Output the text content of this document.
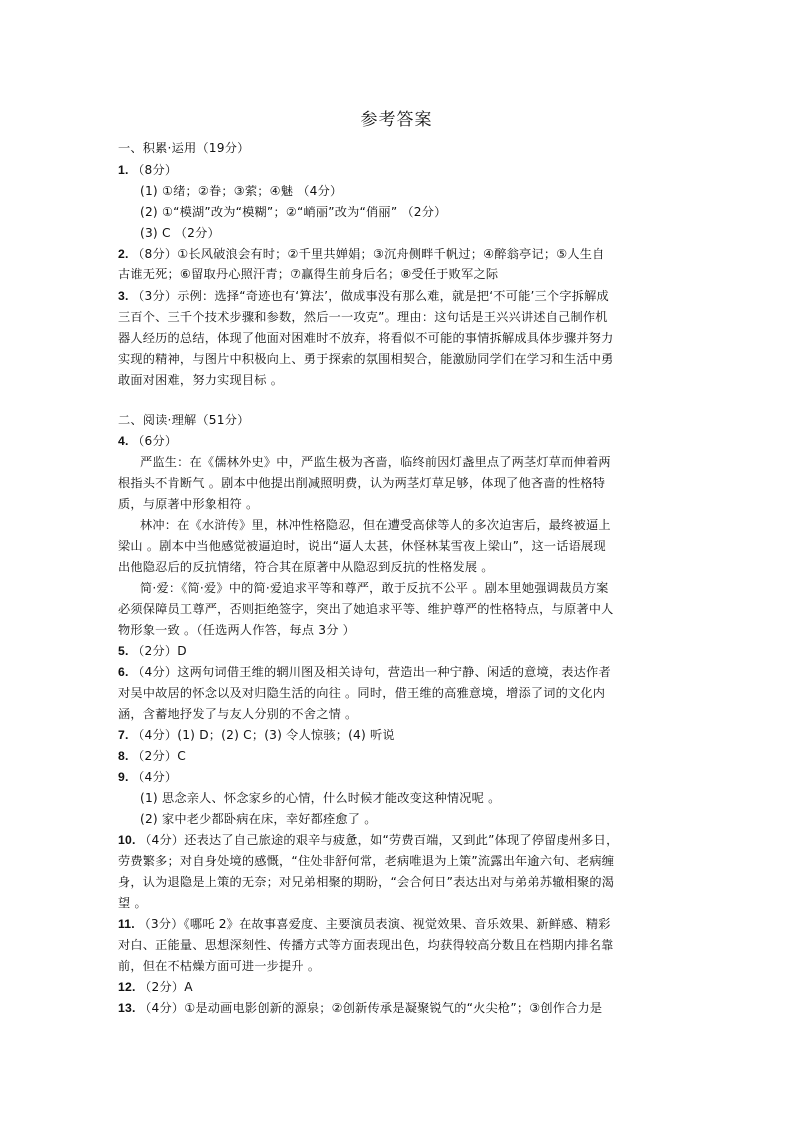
参考答案
一、积累·运用（19分）
1. （8分）
(1) ①绪；②眷；③萦；④魅 （4分）
(2) ①“模湖”改为“模糊”；②“峭丽”改为“俏丽” （2分）
(3) C （2分）
2. （8分）①长风破浪会有时；②千里共婵娟；③沉舟侧畔千帆过；④醉翁亭记；⑤人生自
古谁无死；⑥留取丹心照汗青；⑦赢得生前身后名；⑧受任于败军之际
3. （3分）示例：选择“奇迹也有‘算法’，做成事没有那么难，就是把‘不可能’三个字拆解成
三百个、三千个技术步骤和参数，然后一一攻克”。理由：这句话是王兴兴讲述自己制作机
器人经历的总结，体现了他面对困难时不放弃，将看似不可能的事情拆解成具体步骤并努力
实现的精神，与图片中积极向上、勇于探索的氛围相契合，能激励同学们在学习和生活中勇
敢面对困难，努力实现目标 。
二、阅读·理解（51分）
4. （6分）
严监生：在《儒林外史》中，严监生极为吝啬，临终前因灯盏里点了两茎灯草而伸着两
根指头不肯断气 。剧本中他提出削减照明费，认为两茎灯草足够，体现了他吝啬的性格特
质，与原著中形象相符 。
林冲：在《水浒传》里，林冲性格隐忍，但在遭受高俅等人的多次迫害后，最终被逼上
梁山 。剧本中当他感觉被逼迫时，说出“逼人太甚，休怪林某雪夜上梁山”，这一话语展现
出他隐忍后的反抗情绪，符合其在原著中从隐忍到反抗的性格发展 。
简·爱：《简·爱》中的简·爱追求平等和尊严，敢于反抗不公平 。剧本里她强调裁员方案
必须保障员工尊严，否则拒绝签字，突出了她追求平等、维护尊严的性格特点，与原著中人
物形象一致 。（任选两人作答，每点 3分 ）
5. （2分）D
6. （4分）这两句词借王维的辋川图及相关诗句，营造出一种宁静、闲适的意境，表达作者
对吴中故居的怀念以及对归隐生活的向往 。同时，借王维的高雅意境，增添了词的文化内
涵，含蓄地抒发了与友人分别的不舍之情 。
7. （4分）(1) D；(2) C；(3) 令人惊骇；(4) 听说
8. （2分）C
9. （4分）
(1) 思念亲人、怀念家乡的心情，什么时候才能改变这种情况呢 。
(2) 家中老少都卧病在床，幸好都痊愈了 。
10. （4分）还表达了自己旅途的艰辛与疲惫，如“劳费百端，又到此”体现了停留虔州多日，
劳费繁多；对自身处境的感慨，“住处非舒何常，老病唯退为上策”流露出年逾六旬、老病缠
身，认为退隐是上策的无奈；对兄弟相聚的期盼，“会合何日”表达出对与弟弟苏辙相聚的渴
望 。
11. （3分）《哪吒 2》在故事喜爱度、主要演员表演、视觉效果、音乐效果、新鲜感、精彩
对白、正能量、思想深刻性、传播方式等方面表现出色，均获得较高分数且在档期内排名靠
前，但在不枯燥方面可进一步提升 。
12. （2分）A
13. （4分）①是动画电影创新的源泉；②创新传承是凝聚锐气的“火尖枪”；③创作合力是
